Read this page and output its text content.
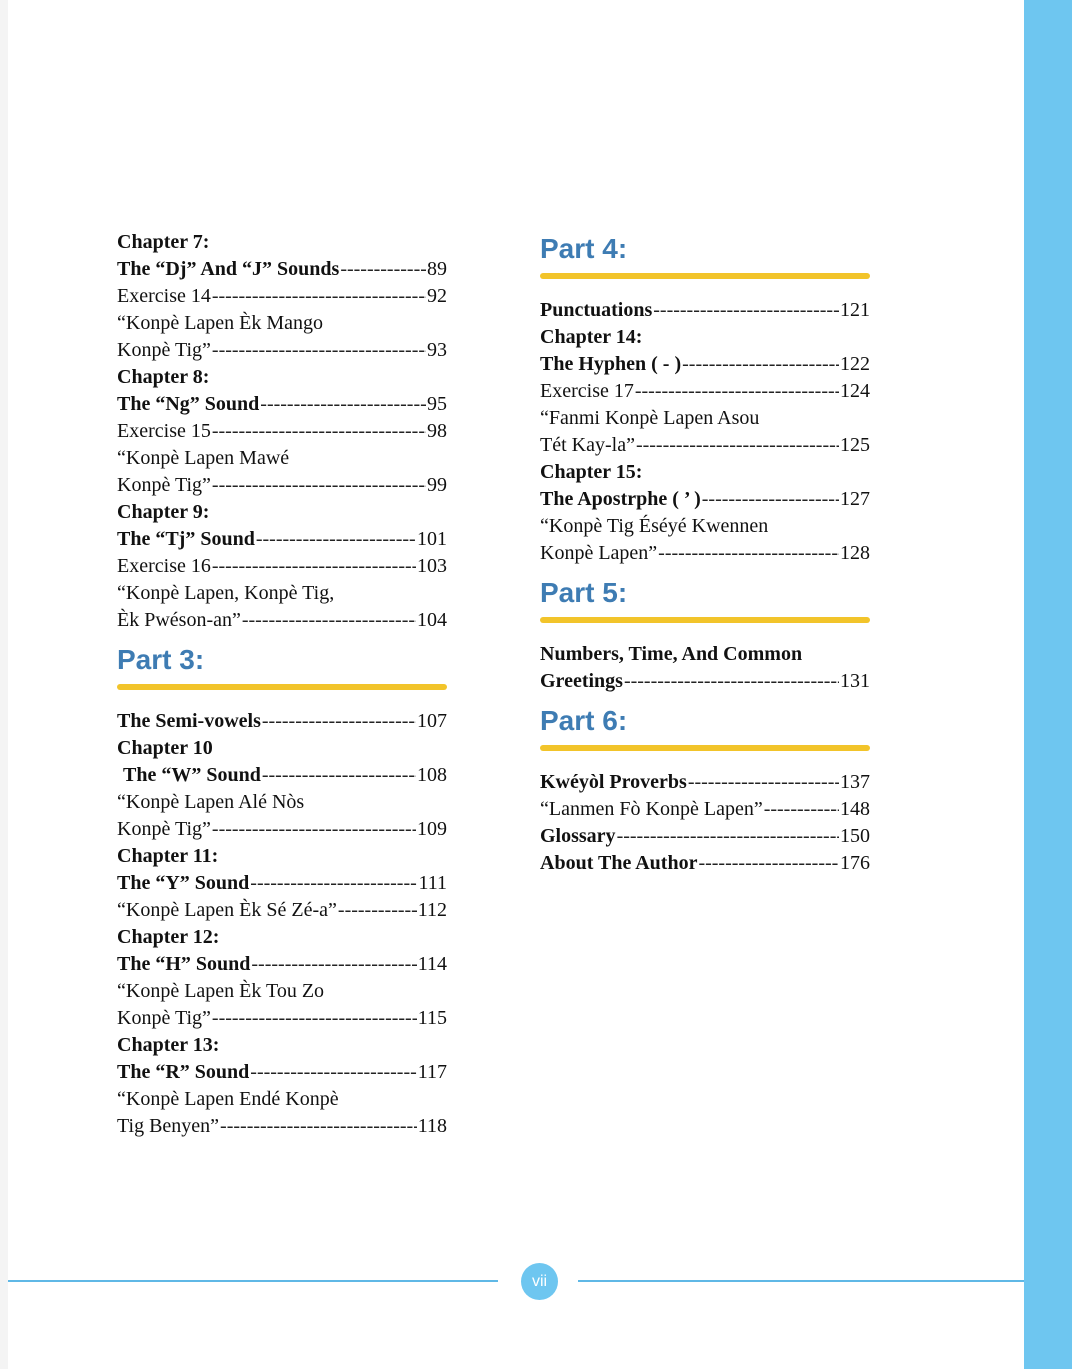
Chapter 7:
The “Dj” And “J” Sounds -----	89
Exercise 14 -----	92
“Konpè Lapen Èk Mango
Konpè Tig” -----	93
Chapter 8:
The “Ng” Sound -----	95
Exercise 15 -----	98
“Konpè Lapen Mawé
Konpè Tig” -----	99
Chapter 9:
The “Tj” Sound -----	101
Exercise 16 -----	103
“Konpè Lapen, Konpè Tig,
Èk Pwéson-an” -----	104
Part 3:
The Semi-vowels -----	107
Chapter 10
The “W” Sound -----	108
“Konpè Lapen Alé Nòs
Konpè Tig” -----	109
Chapter 11:
The “Y” Sound -----	111
“Konpè Lapen Èk Sé Zé-a” -----	112
Chapter 12:
The “H” Sound -----	114
“Konpè Lapen Èk Tou Zo
Konpè Tig” -----	115
Chapter 13:
The “R” Sound -----	117
“Konpè Lapen Endé Konpè
Tig Benyen” -----	118
Part 4:
Punctuations -----	121
Chapter 14:
The Hyphen ( - ) -----	122
Exercise 17 -----	124
“Fanmi Konpè Lapen Asou
Tét Kay-la” -----	125
Chapter 15:
The Apostrphe ( ’ ) -----	127
“Konpè Tig Éséyé Kwennen
Konpè Lapen” -----	128
Part 5:
Numbers, Time, And Common
Greetings -----	131
Part 6:
Kwéyòl Proverbs -----	137
“Lanmen Fò Konpè Lapen” -----	148
Glossary -----	150
About The Author -----	176
vii
